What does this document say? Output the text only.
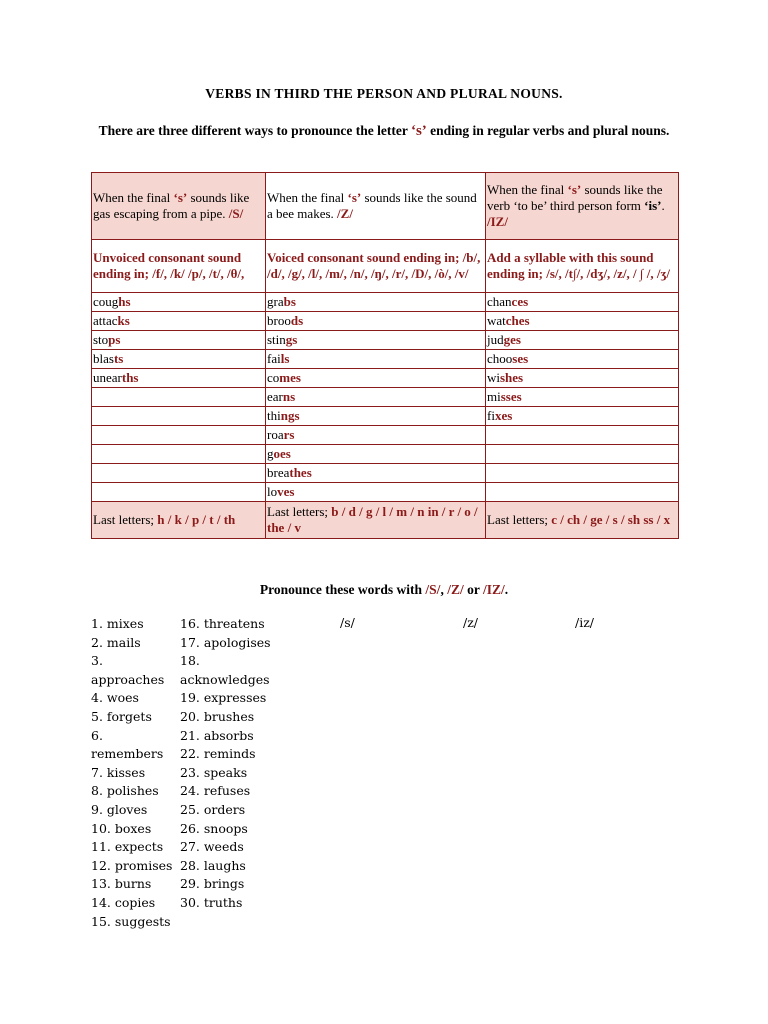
VERBS IN THIRD THE PERSON AND PLURAL NOUNS.
There are three different ways to pronounce the letter ‘s’ ending in regular verbs and plural nouns.
When the final ‘s’ sounds like gas escaping from a pipe. /S/	When the final ‘s’ sounds like the sound a bee makes. /Z/	When the final ‘s’ sounds like the verb ‘to be’ third person form ‘is’. /IZ/
Unvoiced consonant sound ending in; /f/, /k/ /p/, /t/, /θ/,	Voiced consonant sound ending in; /b/, /d/, /g/, /l/, /m/, /n/, /ŋ/, /r/, /D/, /ò/, /v/	Add a syllable with this sound ending in; /s/, /t∫/, /dʒ/, /z/, / ∫ /, /ʒ/
coughs	grabs	chances
attacks	broods	watches
stops	stings	judges
blasts	fails	chooses
unearths	comes	wishes
	earns	misses
	things	fixes
	roars	
	goes	
	breathes	
	loves	
Last letters; h / k / p / t / th	Last letters; b / d / g / l / m / n in / r / o / the / v	Last letters; c / ch / ge / s / sh ss / x
Pronounce these words with /S/, /Z/ or /IZ/.
1. mixes
2. mails
3. approaches
4. woes
5. forgets
6. remembers
7. kisses
8. polishes
9. gloves
10. boxes
11. expects
12. promises
13. burns
14. copies
15. suggests
16. threatens
17. apologises
18. acknowledges
19. expresses
20. brushes
21. absorbs
22. reminds
23. speaks
24. refuses
25. orders
26. snoops
27. weeds
28. laughs
29. brings
30. truths
/s/	/z/	/iz/
